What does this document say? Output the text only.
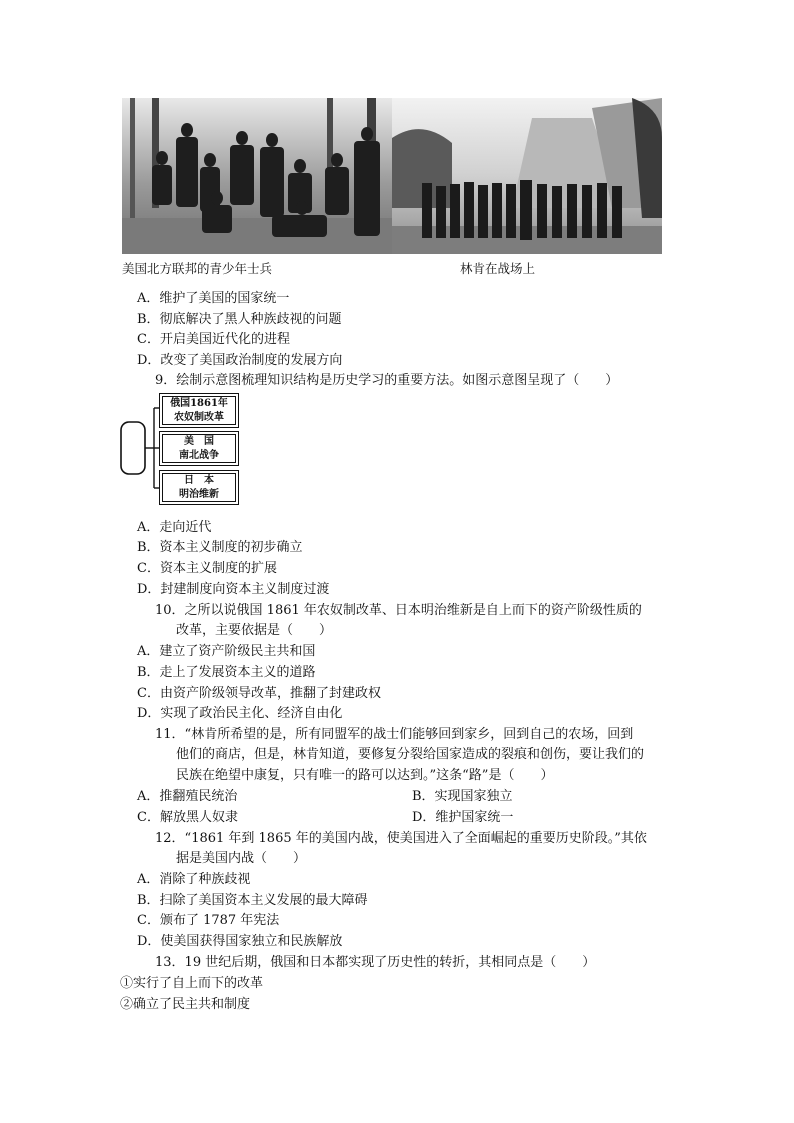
美国北方联邦的青少年士兵	林肯在战场上
A．维护了美国的国家统一
B．彻底解决了黑人种族歧视的问题
C．开启美国近代化的进程
D．改变了美国政治制度的发展方向
9．绘制示意图梳理知识结构是历史学习的重要方法。如图示意图呈现了（　　）
俄国1861年
农奴制改革
美　国
南北战争
日　本
明治维新
A．走向近代
B．资本主义制度的初步确立
C．资本主义制度的扩展
D．封建制度向资本主义制度过渡
10．之所以说俄国 1861 年农奴制改革、日本明治维新是自上而下的资产阶级性质的
改革，主要依据是（　　）
A．建立了资产阶级民主共和国
B．走上了发展资本主义的道路
C．由资产阶级领导改革，推翻了封建政权
D．实现了政治民主化、经济自由化
11．“林肯所希望的是，所有同盟军的战士们能够回到家乡，回到自己的农场，回到
他们的商店，但是，林肯知道，要修复分裂给国家造成的裂痕和创伤，要让我们的
民族在绝望中康复，只有唯一的路可以达到。”这条“路”是（　　）
A．推翻殖民统治	B．实现国家独立
C．解放黑人奴隶	D．维护国家统一
12．“1861 年到 1865 年的美国内战，使美国进入了全面崛起的重要历史阶段。”其依
据是美国内战（　　）
A．消除了种族歧视
B．扫除了美国资本主义发展的最大障碍
C．颁布了 1787 年宪法
D．使美国获得国家独立和民族解放
13．19 世纪后期，俄国和日本都实现了历史性的转折，其相同点是（　　）
①实行了自上而下的改革
②确立了民主共和制度
